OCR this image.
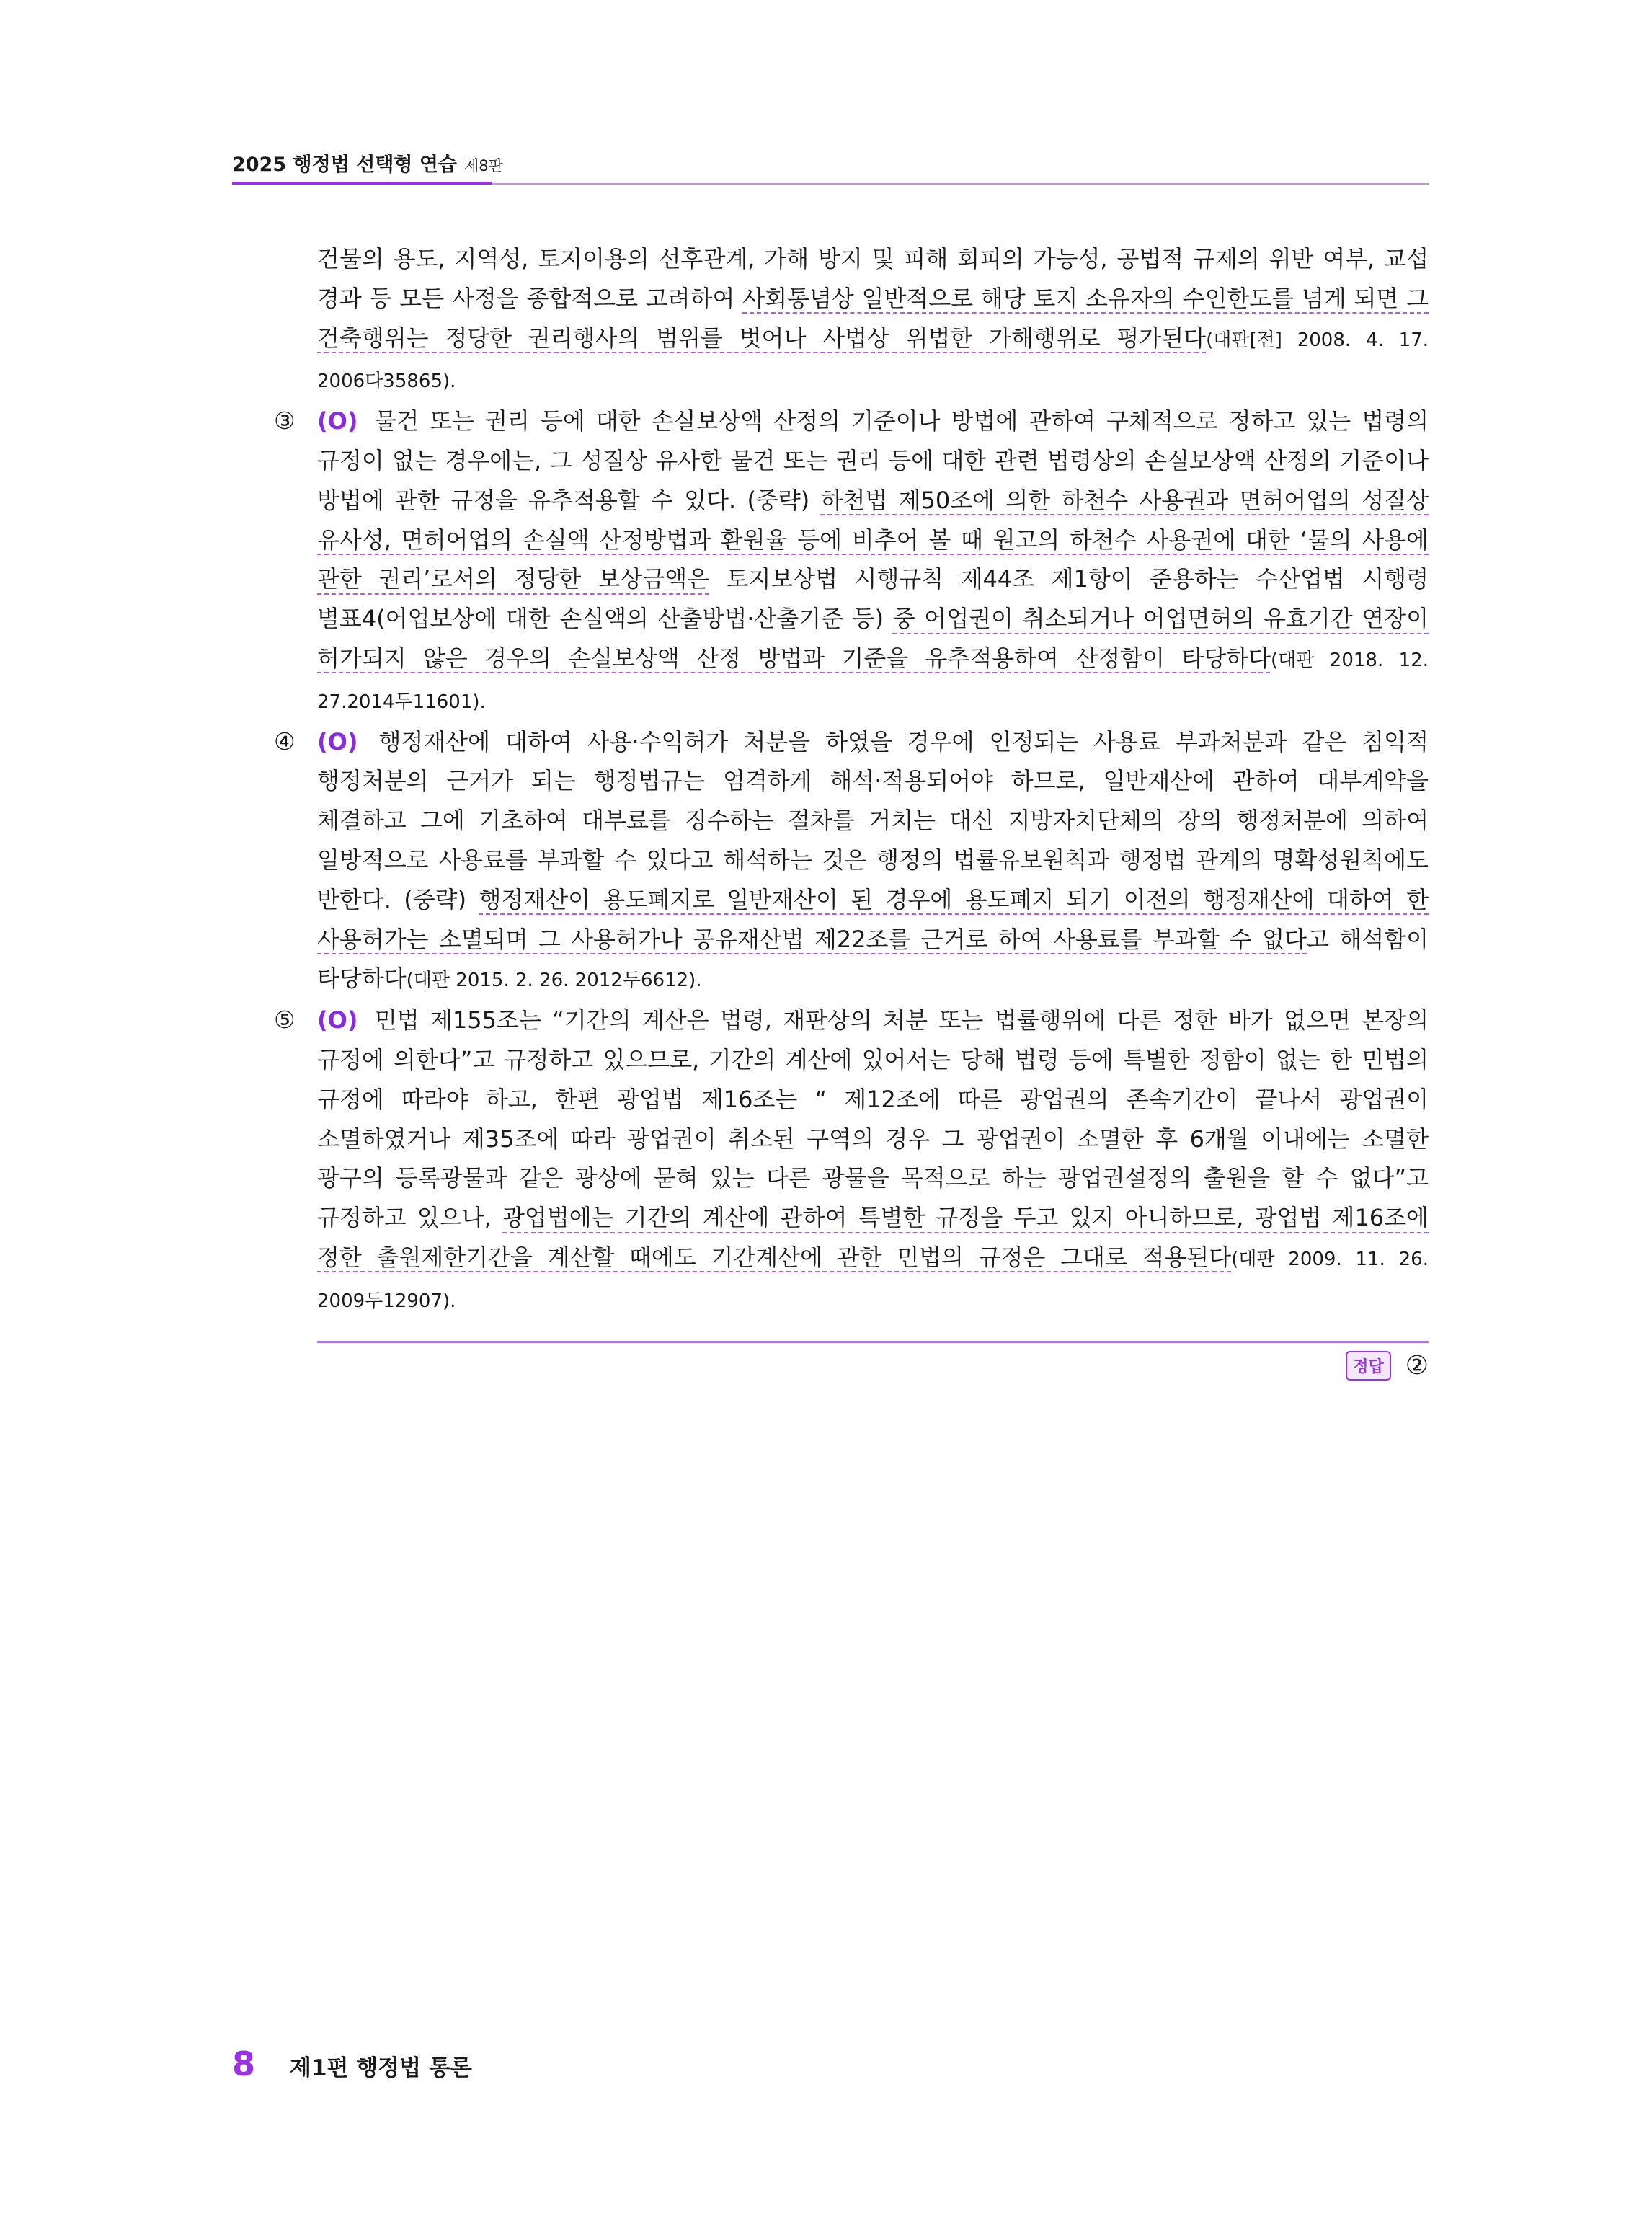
2025 행정법 선택형 연습 제8판

건물의 용도, 지역성, 토지이용의 선후관계, 가해 방지 및 피해 회피의 가능성, 공법적 규제의 위반 여부, 교섭 경과 등 모든 사정을 종합적으로 고려하여 사회통념상 일반적으로 해당 토지 소유자의 수인한도를 넘게 되면 그 건축행위는 정당한 권리행사의 범위를 벗어나 사법상 위법한 가해행위로 평가된다(대판[전] 2008. 4. 17. 2006다35865).

③ (O) 물건 또는 권리 등에 대한 손실보상액 산정의 기준이나 방법에 관하여 구체적으로 정하고 있는 법령의 규정이 없는 경우에는, 그 성질상 유사한 물건 또는 권리 등에 대한 관련 법령상의 손실보상액 산정의 기준이나 방법에 관한 규정을 유추적용할 수 있다. (중략) 하천법 제50조에 의한 하천수 사용권과 면허어업의 성질상 유사성, 면허어업의 손실액 산정방법과 환원율 등에 비추어 볼 때 원고의 하천수 사용권에 대한 ‘물의 사용에 관한 권리’로서의 정당한 보상금액은 토지보상법 시행규칙 제44조 제1항이 준용하는 수산업법 시행령 별표4(어업보상에 대한 손실액의 산출방법·산출기준 등) 중 어업권이 취소되거나 어업면허의 유효기간 연장이 허가되지 않은 경우의 손실보상액 산정 방법과 기준을 유추적용하여 산정함이 타당하다(대판 2018. 12. 27.2014두11601).

④ (O) 행정재산에 대하여 사용·수익허가 처분을 하였을 경우에 인정되는 사용료 부과처분과 같은 침익적 행정처분의 근거가 되는 행정법규는 엄격하게 해석·적용되어야 하므로, 일반재산에 관하여 대부계약을 체결하고 그에 기초하여 대부료를 징수하는 절차를 거치는 대신 지방자치단체의 장의 행정처분에 의하여 일방적으로 사용료를 부과할 수 있다고 해석하는 것은 행정의 법률유보원칙과 행정법 관계의 명확성원칙에도 반한다. (중략) 행정재산이 용도폐지로 일반재산이 된 경우에 용도폐지 되기 이전의 행정재산에 대하여 한 사용허가는 소멸되며 그 사용허가나 공유재산법 제22조를 근거로 하여 사용료를 부과할 수 없다고 해석함이 타당하다(대판 2015. 2. 26. 2012두6612).

⑤ (O) 민법 제155조는 “기간의 계산은 법령, 재판상의 처분 또는 법률행위에 다른 정한 바가 없으면 본장의 규정에 의한다”고 규정하고 있으므로, 기간의 계산에 있어서는 당해 법령 등에 특별한 정함이 없는 한 민법의 규정에 따라야 하고, 한편 광업법 제16조는 “ 제12조에 따른 광업권의 존속기간이 끝나서 광업권이 소멸하였거나 제35조에 따라 광업권이 취소된 구역의 경우 그 광업권이 소멸한 후 6개월 이내에는 소멸한 광구의 등록광물과 같은 광상에 묻혀 있는 다른 광물을 목적으로 하는 광업권설정의 출원을 할 수 없다”고 규정하고 있으나, 광업법에는 기간의 계산에 관하여 특별한 규정을 두고 있지 아니하므로, 광업법 제16조에 정한 출원제한기간을 계산할 때에도 기간계산에 관한 민법의 규정은 그대로 적용된다(대판 2009. 11. 26. 2009두12907).

정답 ②
8 제1편 행정법 통론
